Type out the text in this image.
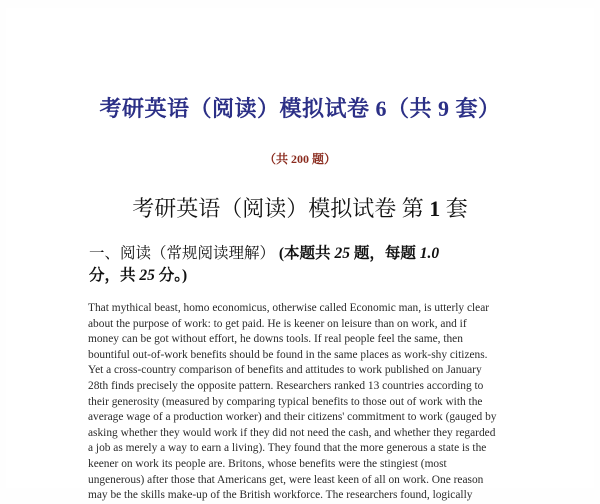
考研英语（阅读）模拟试卷 6（共 9 套）
（共 200 题）
考研英语（阅读）模拟试卷 第 1 套
一、阅读（常规阅读理解） (本题共 25 题，每题 1.0
分，共 25 分。)
That mythical beast, homo economicus, otherwise called Economic man, is utterly clear
about the purpose of work: to get paid. He is keener on leisure than on work, and if
money can be got without effort, he downs tools. If real people feel the same, then
bountiful out-of-work benefits should be found in the same places as work-shy citizens.
Yet a cross-country comparison of benefits and attitudes to work published on January
28th finds precisely the opposite pattern. Researchers ranked 13 countries according to
their generosity (measured by comparing typical benefits to those out of work with the
average wage of a production worker) and their citizens' commitment to work (gauged by
asking whether they would work if they did not need the cash, and whether they regarded
a job as merely a way to earn a living). They found that the more generous a state is the
keener on work its people are. Britons, whose benefits were the stingiest (most
ungenerous) after those that Americans get, were least keen of all on work. One reason
may be the skills make-up of the British workforce. The researchers found, logically
